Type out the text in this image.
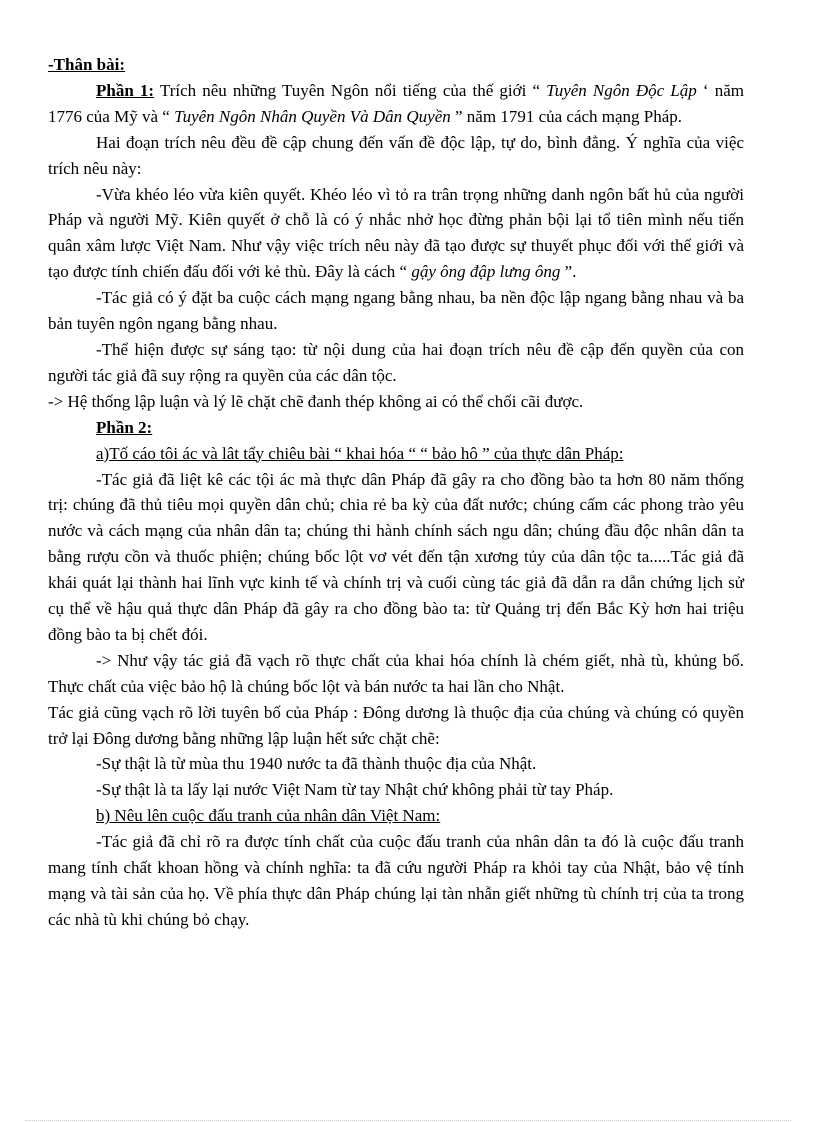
-Thân bài:

Phần 1: Trích nêu những Tuyên Ngôn nổi tiếng của thế giới “ Tuyên Ngôn Độc Lập ‘ năm 1776 của Mỹ và “ Tuyên Ngôn Nhân Quyền Và Dân Quyền ” năm 1791 của cách mạng Pháp.

Hai đoạn trích nêu đều đề cập chung đến vấn đề độc lập, tự do, bình đẳng. Ý nghĩa của việc trích nêu này:

-Vừa khéo léo vừa kiên quyết. Khéo léo vì tỏ ra trân trọng những danh ngôn bất hủ của người Pháp và người Mỹ. Kiên quyết ở chỗ là có ý nhắc nhở học đừng phản bội lại tổ tiên mình nếu tiến quân xâm lược Việt Nam. Như vậy việc trích nêu này đã tạo được sự thuyết phục đối với thế giới và tạo được tính chiến đấu đối với kẻ thù. Đây là cách “ gậy ông đập lưng ông ”.

-Tác giả có ý đặt ba cuộc cách mạng ngang bằng nhau, ba nền độc lập ngang bằng nhau và ba bản tuyên ngôn ngang bằng nhau.

-Thể hiện được sự sáng tạo: từ nội dung của hai đoạn trích nêu đề cập đến quyền của con người tác giả đã suy rộng ra quyền của các dân tộc.

-> Hệ thống lập luận và lý lẽ chặt chẽ đanh thép không ai có thể chối cãi được.

Phần 2:

a)Tố cáo tôi ác và lât tẩy chiêu bài “ khai hóa “ “ bảo hô ” của thực dân Pháp:

-Tác giả đã liệt kê các tội ác mà thực dân Pháp đã gây ra cho đồng bào ta hơn 80 năm thống trị: chúng đã thủ tiêu mọi quyền dân chủ; chia rẻ ba kỳ của đất nước; chúng cấm các phong trào yêu nước và cách mạng của nhân dân ta; chúng thi hành chính sách ngu dân; chúng đầu độc nhân dân ta bằng rượu cồn và thuốc phiện; chúng bốc lột vơ vét đến tận xương tủy của dân tộc ta.....Tác giả đã khái quát lại thành hai lĩnh vực kinh tế và chính trị và cuối cùng tác giả đã dẫn ra dẫn chứng lịch sử cụ thể về hậu quả thực dân Pháp đã gây ra cho đồng bào ta: từ Quảng trị đến Bắc Kỳ hơn hai triệu đồng bào ta bị chết đói.

-> Như vậy tác giả đã vạch rõ thực chất của khai hóa chính là chém giết, nhà tù, khủng bố. Thực chất của việc bảo hộ là chúng bốc lột và bán nước ta hai lần cho Nhật.

Tác giả cũng vạch rõ lời tuyên bố của Pháp : Đông dương là thuộc địa của chúng và chúng có quyền trở lại Đông dương bằng những lập luận hết sức chặt chẽ:

-Sự thật là từ mùa thu 1940 nước ta đã thành thuộc địa của Nhật.

-Sự thật là ta lấy lại nước Việt Nam từ tay Nhật chứ không phải từ tay Pháp.

b) Nêu lên cuộc đấu tranh của nhân dân Việt Nam:

-Tác giả đã chỉ rõ ra được tính chất của cuộc đấu tranh của nhân dân ta đó là cuộc đấu tranh mang tính chất khoan hồng và chính nghĩa: ta đã cứu người Pháp ra khỏi tay của Nhật, bảo vệ tính mạng và tài sản của họ. Về phía thực dân Pháp chúng lại tàn nhẫn giết những tù chính trị của ta trong các nhà tù khi chúng bỏ chạy.
